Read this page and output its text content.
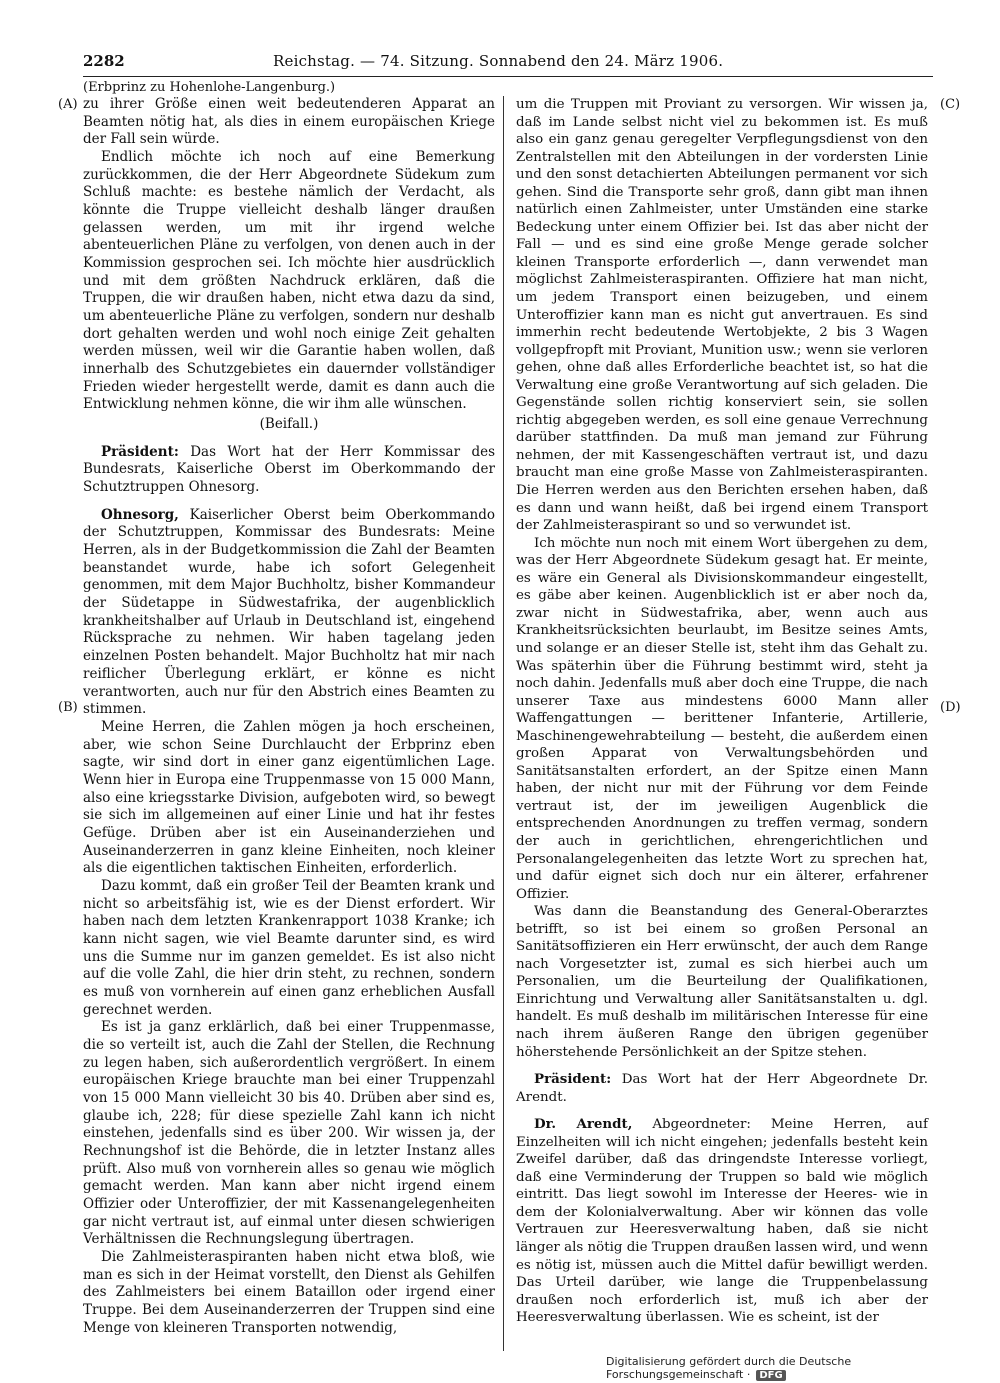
2282	Reichstag. — 74. Sitzung. Sonnabend den 24. März 1906.
(Erbprinz zu Hohenlohe-Langenburg.)
(A)
(B)
(C)
(D)

zu ihrer Größe einen weit bedeutenderen Apparat an Beamten nötig hat, als dies in einem europäischen Kriege der Fall sein würde.

Endlich möchte ich noch auf eine Bemerkung zurückkommen, die der Herr Abgeordnete Südekum zum Schluß machte: es bestehe nämlich der Verdacht, als könnte die Truppe vielleicht deshalb länger draußen gelassen werden, um mit ihr irgend welche abenteuerlichen Pläne zu verfolgen, von denen auch in der Kommission gesprochen sei. Ich möchte hier ausdrücklich und mit dem größten Nachdruck erklären, daß die Truppen, die wir draußen haben, nicht etwa dazu da sind, um abenteuerliche Pläne zu verfolgen, sondern nur deshalb dort gehalten werden und wohl noch einige Zeit gehalten werden müssen, weil wir die Garantie haben wollen, daß innerhalb des Schutzgebietes ein dauernder vollständiger Frieden wieder hergestellt werde, damit es dann auch die Entwicklung nehmen könne, die wir ihm alle wünschen.

(Beifall.)

Präsident: Das Wort hat der Herr Kommissar des Bundesrats, Kaiserliche Oberst im Oberkommando der Schutztruppen Ohnesorg.

Ohnesorg, Kaiserlicher Oberst beim Oberkommando der Schutztruppen, Kommissar des Bundesrats: Meine Herren, als in der Budgetkommission die Zahl der Beamten beanstandet wurde, habe ich sofort Gelegenheit genommen, mit dem Major Buchholtz, bisher Kommandeur der Südetappe in Südwestafrika, der augenblicklich krankheitshalber auf Urlaub in Deutschland ist, eingehend Rücksprache zu nehmen. Wir haben tagelang jeden einzelnen Posten behandelt. Major Buchholtz hat mir nach reiflicher Überlegung erklärt, er könne es nicht verantworten, auch nur für den Abstrich eines Beamten zu stimmen.

Meine Herren, die Zahlen mögen ja hoch erscheinen, aber, wie schon Seine Durchlaucht der Erbprinz eben sagte, wir sind dort in einer ganz eigentümlichen Lage. Wenn hier in Europa eine Truppenmasse von 15 000 Mann, also eine kriegsstarke Division, aufgeboten wird, so bewegt sie sich im allgemeinen auf einer Linie und hat ihr festes Gefüge. Drüben aber ist ein Auseinanderziehen und Auseinanderzerren in ganz kleine Einheiten, noch kleiner als die eigentlichen taktischen Einheiten, erforderlich.

Dazu kommt, daß ein großer Teil der Beamten krank und nicht so arbeitsfähig ist, wie es der Dienst erfordert. Wir haben nach dem letzten Krankenrapport 1038 Kranke; ich kann nicht sagen, wie viel Beamte darunter sind, es wird uns die Summe nur im ganzen gemeldet. Es ist also nicht auf die volle Zahl, die hier drin steht, zu rechnen, sondern es muß von vornherein auf einen ganz erheblichen Ausfall gerechnet werden.

Es ist ja ganz erklärlich, daß bei einer Truppenmasse, die so verteilt ist, auch die Zahl der Stellen, die Rechnung zu legen haben, sich außerordentlich vergrößert. In einem europäischen Kriege brauchte man bei einer Truppenzahl von 15 000 Mann vielleicht 30 bis 40. Drüben aber sind es, glaube ich, 228; für diese spezielle Zahl kann ich nicht einstehen, jedenfalls sind es über 200. Wir wissen ja, der Rechnungshof ist die Behörde, die in letzter Instanz alles prüft. Also muß von vornherein alles so genau wie möglich gemacht werden. Man kann aber nicht irgend einem Offizier oder Unteroffizier, der mit Kassenangelegenheiten gar nicht vertraut ist, auf einmal unter diesen schwierigen Verhältnissen die Rechnungslegung übertragen.

Die Zahlmeisteraspiranten haben nicht etwa bloß, wie man es sich in der Heimat vorstellt, den Dienst als Gehilfen des Zahlmeisters bei einem Bataillon oder irgend einer Truppe. Bei dem Auseinanderzerren der Truppen sind eine Menge von kleineren Transporten notwendig,

um die Truppen mit Proviant zu versorgen. Wir wissen ja, daß im Lande selbst nicht viel zu bekommen ist. Es muß also ein ganz genau geregelter Verpflegungsdienst von den Zentralstellen mit den Abteilungen in der vordersten Linie und den sonst detachierten Abteilungen permanent vor sich gehen. Sind die Transporte sehr groß, dann gibt man ihnen natürlich einen Zahlmeister, unter Umständen eine starke Bedeckung unter einem Offizier bei. Ist das aber nicht der Fall — und es sind eine große Menge gerade solcher kleinen Transporte erforderlich —, dann verwendet man möglichst Zahlmeisteraspiranten. Offiziere hat man nicht, um jedem Transport einen beizugeben, und einem Unteroffizier kann man es nicht gut anvertrauen. Es sind immerhin recht bedeutende Wertobjekte, 2 bis 3 Wagen vollgepfropft mit Proviant, Munition usw.; wenn sie verloren gehen, ohne daß alles Erforderliche beachtet ist, so hat die Verwaltung eine große Verantwortung auf sich geladen. Die Gegenstände sollen richtig konserviert sein, sie sollen richtig abgegeben werden, es soll eine genaue Verrechnung darüber stattfinden. Da muß man jemand zur Führung nehmen, der mit Kassengeschäften vertraut ist, und dazu braucht man eine große Masse von Zahlmeisteraspiranten. Die Herren werden aus den Berichten ersehen haben, daß es dann und wann heißt, daß bei irgend einem Transport der Zahlmeisteraspirant so und so verwundet ist.

Ich möchte nun noch mit einem Wort übergehen zu dem, was der Herr Abgeordnete Südekum gesagt hat. Er meinte, es wäre ein General als Divisionskommandeur eingestellt, es gäbe aber keinen. Augenblicklich ist er aber noch da, zwar nicht in Südwestafrika, aber, wenn auch aus Krankheitsrücksichten beurlaubt, im Besitze seines Amts, und solange er an dieser Stelle ist, steht ihm das Gehalt zu. Was späterhin über die Führung bestimmt wird, steht ja noch dahin. Jedenfalls muß aber doch eine Truppe, die nach unserer Taxe aus mindestens 6000 Mann aller Waffengattungen — berittener Infanterie, Artillerie, Maschinengewehrabteilung — besteht, die außerdem einen großen Apparat von Verwaltungsbehörden und Sanitätsanstalten erfordert, an der Spitze einen Mann haben, der nicht nur mit der Führung vor dem Feinde vertraut ist, der im jeweiligen Augenblick die entsprechenden Anordnungen zu treffen vermag, sondern der auch in gerichtlichen, ehrengerichtlichen und Personalangelegenheiten das letzte Wort zu sprechen hat, und dafür eignet sich doch nur ein älterer, erfahrener Offizier.

Was dann die Beanstandung des General-Oberarztes betrifft, so ist bei einem so großen Personal an Sanitätsoffizieren ein Herr erwünscht, der auch dem Range nach Vorgesetzter ist, zumal es sich hierbei auch um Personalien, um die Beurteilung der Qualifikationen, Einrichtung und Verwaltung aller Sanitätsanstalten u. dgl. handelt. Es muß deshalb im militärischen Interesse für eine nach ihrem äußeren Range den übrigen gegenüber höherstehende Persönlichkeit an der Spitze stehen.

Präsident: Das Wort hat der Herr Abgeordnete Dr. Arendt.

Dr. Arendt, Abgeordneter: Meine Herren, auf Einzelheiten will ich nicht eingehen; jedenfalls besteht kein Zweifel darüber, daß das dringendste Interesse vorliegt, daß eine Verminderung der Truppen so bald wie möglich eintritt. Das liegt sowohl im Interesse der Heeres- wie in dem der Kolonialverwaltung. Aber wir können das volle Vertrauen zur Heeresverwaltung haben, daß sie nicht länger als nötig die Truppen draußen lassen wird, und wenn es nötig ist, müssen auch die Mittel dafür bewilligt werden. Das Urteil darüber, wie lange die Truppenbelassung draußen noch erforderlich ist, muß ich aber der Heeresverwaltung überlassen. Wie es scheint, ist der

Digitalisierung gefördert durch die Deutsche Forschungsgemeinschaft · DFG
